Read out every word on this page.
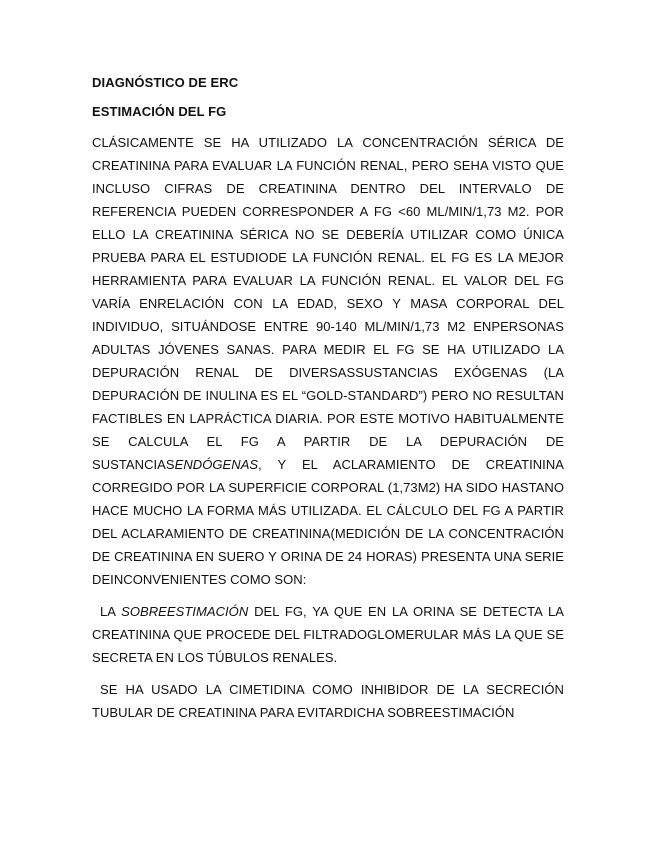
DIAGNÓSTICO DE ERC
ESTIMACIÓN DEL FG

CLÁSICAMENTE SE HA UTILIZADO LA CONCENTRACIÓN SÉRICA DE CREATININA PARA EVALUAR LA FUNCIÓN RENAL, PERO SEHA VISTO QUE INCLUSO CIFRAS DE CREATININA DENTRO DEL INTERVALO DE REFERENCIA PUEDEN CORRESPONDER A FG <60 ML/MIN/1,73 M2. POR ELLO LA CREATININA SÉRICA NO SE DEBERÍA UTILIZAR COMO ÚNICA PRUEBA PARA EL ESTUDIODE LA FUNCIÓN RENAL. EL FG ES LA MEJOR HERRAMIENTA PARA EVALUAR LA FUNCIÓN RENAL. EL VALOR DEL FG VARÍA ENRELACIÓN CON LA EDAD, SEXO Y MASA CORPORAL DEL INDIVIDUO, SITUÁNDOSE ENTRE 90-140 ML/MIN/1,73 M2 ENPERSONAS ADULTAS JÓVENES SANAS. PARA MEDIR EL FG SE HA UTILIZADO LA DEPURACIÓN RENAL DE DIVERSASSUSTANCIAS EXÓGENAS (LA DEPURACIÓN DE INULINA ES EL “GOLD-STANDARD”) PERO NO RESULTAN FACTIBLES EN LAPRÁCTICA DIARIA. POR ESTE MOTIVO HABITUALMENTE SE CALCULA EL FG A PARTIR DE LA DEPURACIÓN DE SUSTANCIASENDÓGENAS, Y EL ACLARAMIENTO DE CREATININA CORREGIDO POR LA SUPERFICIE CORPORAL (1,73M2) HA SIDO HASTANO HACE MUCHO LA FORMA MÁS UTILIZADA. EL CÁLCULO DEL FG A PARTIR DEL ACLARAMIENTO DE CREATININA(MEDICIÓN DE LA CONCENTRACIÓN DE CREATININA EN SUERO Y ORINA DE 24 HORAS) PRESENTA UNA SERIE DEINCONVENIENTES COMO SON:

LA SOBREESTIMACIÓN DEL FG, YA QUE EN LA ORINA SE DETECTA LA CREATININA QUE PROCEDE DEL FILTRADOGLOMERULAR MÁS LA QUE SE SECRETA EN LOS TÚBULOS RENALES.

SE HA USADO LA CIMETIDINA COMO INHIBIDOR DE LA SECRECIÓN TUBULAR DE CREATININA PARA EVITARDICHA SOBREESTIMACIÓN
